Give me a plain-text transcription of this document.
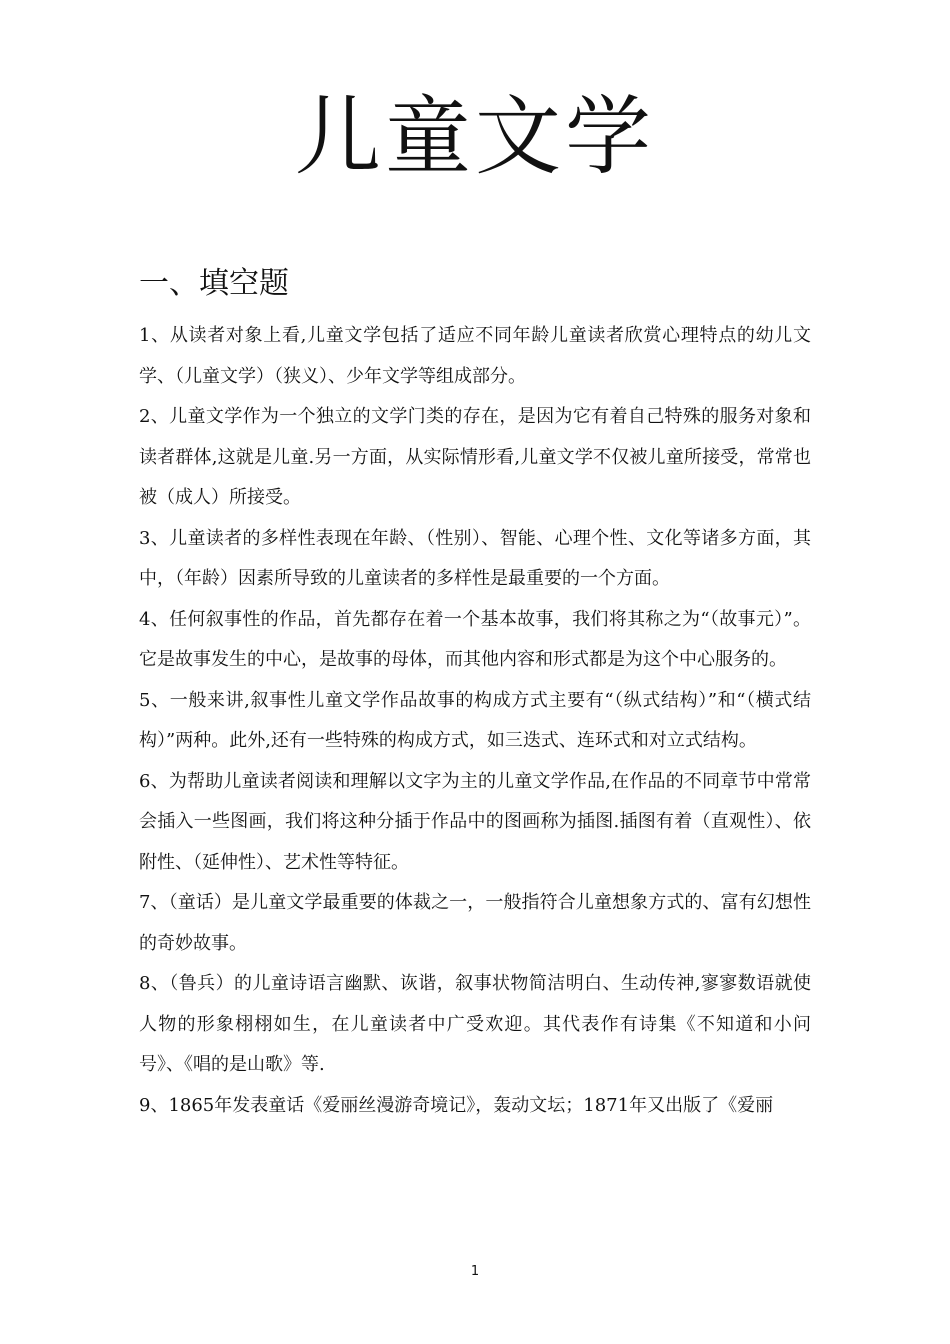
儿童文学
一、填空题
1、从读者对象上看,儿童文学包括了适应不同年龄儿童读者欣赏心理特点的幼儿文学、（儿童文学）（狭义）、少年文学等组成部分。
2、儿童文学作为一个独立的文学门类的存在，是因为它有着自己特殊的服务对象和读者群体,这就是儿童.另一方面，从实际情形看,儿童文学不仅被儿童所接受，常常也被（成人）所接受。
3、儿童读者的多样性表现在年龄、（性别）、智能、心理个性、文化等诸多方面，其中，（年龄）因素所导致的儿童读者的多样性是最重要的一个方面。
4、任何叙事性的作品，首先都存在着一个基本故事，我们将其称之为“（故事元）”。它是故事发生的中心，是故事的母体，而其他内容和形式都是为这个中心服务的。
5、一般来讲,叙事性儿童文学作品故事的构成方式主要有“（纵式结构）”和“（横式结构）”两种。此外,还有一些特殊的构成方式，如三迭式、连环式和对立式结构。
6、为帮助儿童读者阅读和理解以文字为主的儿童文学作品,在作品的不同章节中常常会插入一些图画，我们将这种分插于作品中的图画称为插图.插图有着（直观性）、依附性、（延伸性）、艺术性等特征。
7、（童话）是儿童文学最重要的体裁之一，一般指符合儿童想象方式的、富有幻想性的奇妙故事。
8、（鲁兵）的儿童诗语言幽默、诙谐，叙事状物简洁明白、生动传神,寥寥数语就使人物的形象栩栩如生，在儿童读者中广受欢迎。其代表作有诗集《不知道和小问号》、《唱的是山歌》等.
9、1865年发表童话《爱丽丝漫游奇境记》，轰动文坛；1871年又出版了《爱丽
1
